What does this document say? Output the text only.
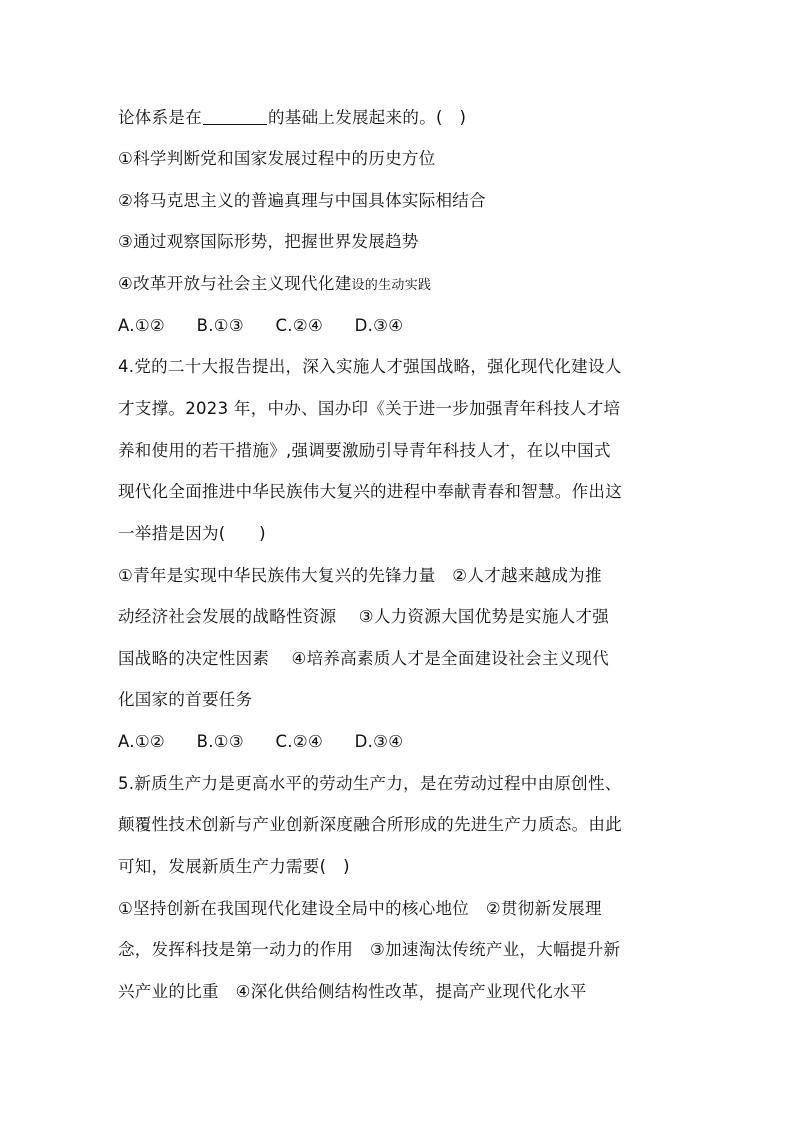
论体系是在	的基础上发展起来的。(　)
①科学判断党和国家发展过程中的历史方位
②将马克思主义的普遍真理与中国具体实际相结合
③通过观察国际形势，把握世界发展趋势
④改革开放与社会主义现代化建设的生动实践
A.①② B.①③ C.②④ D.③④
4.党的二十大报告提出，深入实施人才强国战略，强化现代化建设人
才支撑。2023 年，中办、国办印《关于进一步加强青年科技人才培
养和使用的若干措施》,强调要激励引导青年科技人才，在以中国式
现代化全面推进中华民族伟大复兴的进程中奉献青春和智慧。作出这
一举措是因为(　　)
①青年是实现中华民族伟大复兴的先锋力量　②人才越来越成为推
动经济社会发展的战略性资源　 ③人力资源大国优势是实施人才强
国战略的决定性因素　 ④培养高素质人才是全面建设社会主义现代
化国家的首要任务
A.①② B.①③ C.②④ D.③④
5.新质生产力是更高水平的劳动生产力，是在劳动过程中由原创性、
颠覆性技术创新与产业创新深度融合所形成的先进生产力质态。由此
可知，发展新质生产力需要(　)
①坚持创新在我国现代化建设全局中的核心地位　②贯彻新发展理
念，发挥科技是第一动力的作用　③加速淘汰传统产业，大幅提升新
兴产业的比重　④深化供给侧结构性改革，提高产业现代化水平
